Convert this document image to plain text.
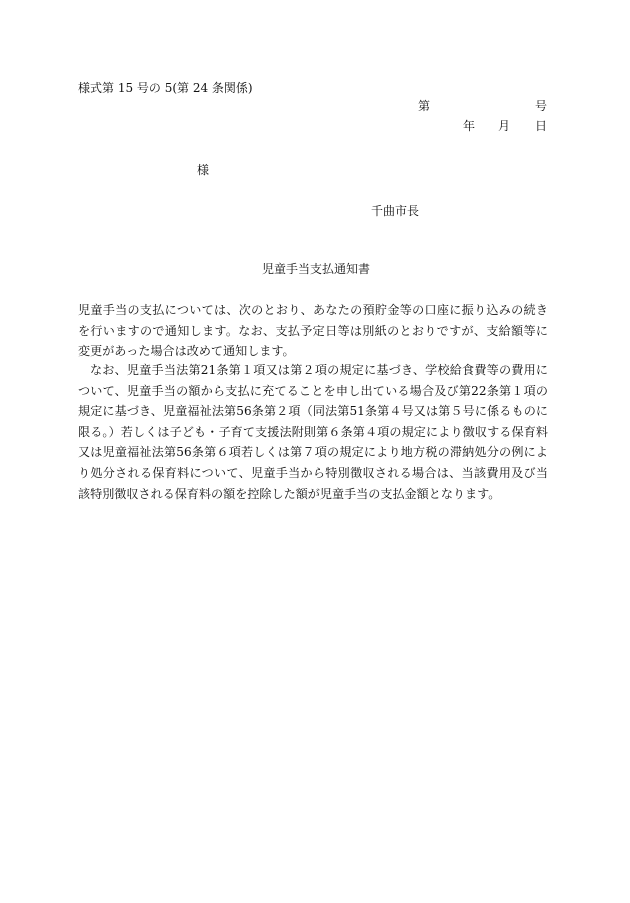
様式第 15 号の 5(第 24 条関係)
第	号
年 月 日
様
千曲市長
児童手当支払通知書
児童手当の支払については、次のとおり、あなたの預貯金等の口座に振り込みの続きを行いますので通知します。なお、支払予定日等は別紙のとおりですが、支給額等に変更があった場合は改めて通知します。
なお、児童手当法第21条第１項又は第２項の規定に基づき、学校給食費等の費用について、児童手当の額から支払に充てることを申し出ている場合及び第22条第１項の規定に基づき、児童福祉法第56条第２項（同法第51条第４号又は第５号に係るものに限る。）若しくは子ども・子育て支援法附則第６条第４項の規定により徴収する保育料又は児童福祉法第56条第６項若しくは第７項の規定により地方税の滞納処分の例により処分される保育料について、児童手当から特別徴収される場合は、当該費用及び当該特別徴収される保育料の額を控除した額が児童手当の支払金額となります。
